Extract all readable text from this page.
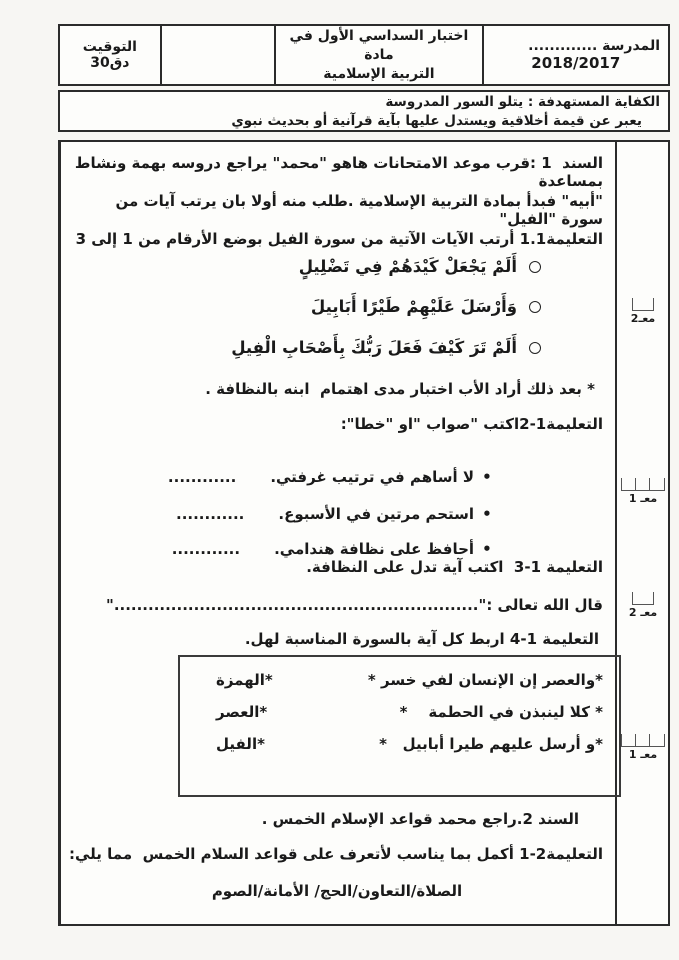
المدرسة .............
2018/2017
اختبار السداسي الأول في مادة
التربية الإسلامية
التوقيت
30دق
الكفاية المستهدفة : يتلو السور المدروسة
يعبر عن قيمة أخلاقية ويستدل عليها بآية قرآنية أو بحديث نبوي
معـ2
معـ 1
معـ 2
معـ 1
السند  1 :قرب موعد الامتحانات هاهو "محمد" يراجع دروسه بهمة ونشاط بمساعدة
"أبيه" فبدأ بمادة التربية الإسلامية .طلب منه أولا بان يرتب آيات من سورة "الفيل"
التعليمة1.1 أرتب الآيات الآتية من سورة الفيل بوضع الأرقام من 1 إلى 3
أَلَمْ يَجْعَلْ كَيْدَهُمْ فِي تَضْلِيلٍ
وَأَرْسَلَ عَلَيْهِمْ طَيْرًا أَبَابِيلَ
أَلَمْ تَرَ كَيْفَ فَعَلَ رَبُّكَ بِأَصْحَابِ الْفِيلِ
* بعد ذلك أراد الأب اختبار مدى اهتمام  ابنه بالنظافة .
التعليمة1‏-‏2اكتب "صواب "او "خطا":

•لا أساهم في ترتيب غرفتي.............

•استحم مرتين في الأسبوع.............

•أحافظ على نظافة هندامي.............

التعليمة 1‏-‏3  اكتب آية تدل على النظافة.
قال الله تعالى :"................................................................"
التعليمة 1‏-‏4 اربط كل آية بالسورة المناسبة لهل.
*والعصر إن الإنسان لفي خسر *
*الهمزة
* كلا لينبذن في الحطمة    *
*العصر
*و أرسل عليهم طيرا أبابيل   *
*الفيل
السند 2.راجع محمد قواعد الإسلام الخمس .
التعليمة2‏-‏1 أكمل بما يناسب لأتعرف على قواعد السلام الخمس  مما يلي:
الصلاة/التعاون/الحج/ الأمانة/الصوم
